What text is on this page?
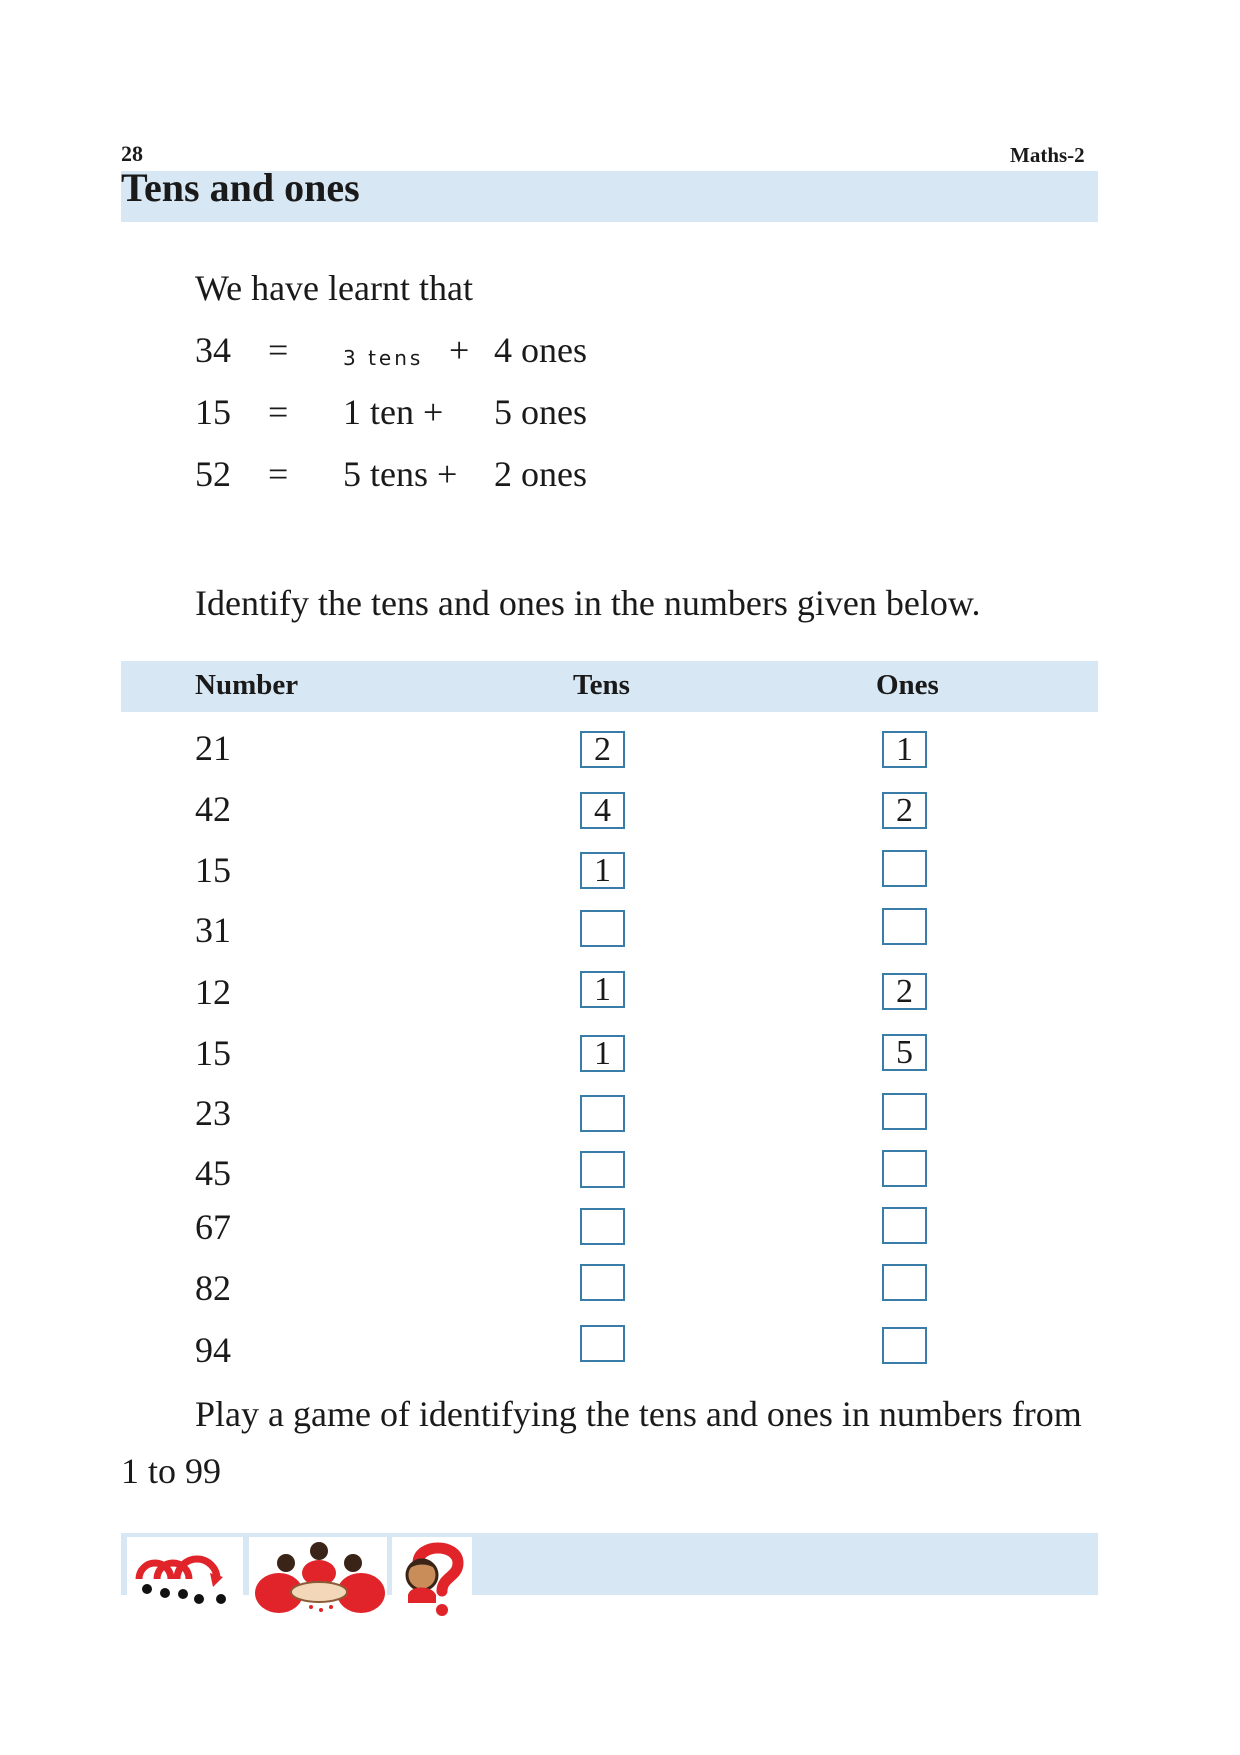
28	Maths-2
Tens and ones
We have learnt that
34 =	3 tens + 4 ones
15 = 1 ten + 5 ones
52 = 5 tens + 2 ones
Identify the tens and ones in the numbers given below.
Number	Tens	Ones
21	2	1
42	4	2
15	1
31
12	1	2
15	1	5
23
45
67
82
94
Play a game of identifying the tens and ones in numbers from
1 to 99
